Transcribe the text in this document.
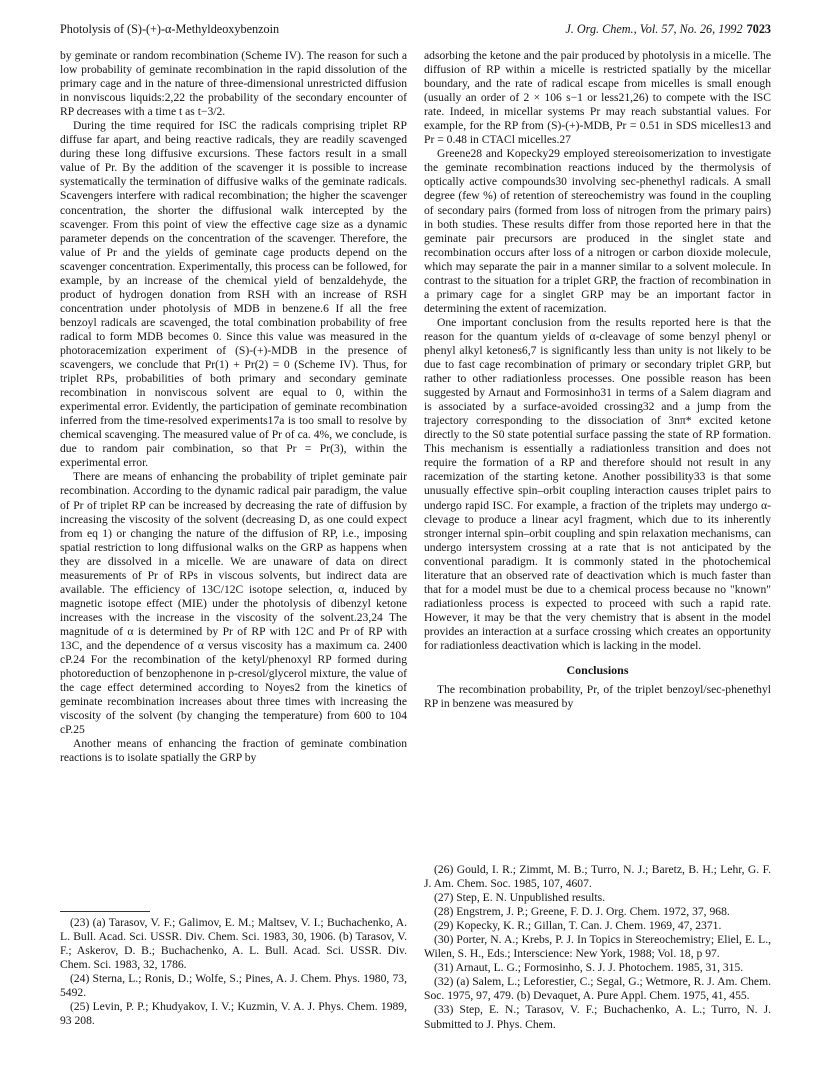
Photolysis of (S)-(+)-α-Methyldeoxybenzoin	J. Org. Chem., Vol. 57, No. 26, 1992 7023

by geminate or random recombination (Scheme IV). The reason for such a low probability of geminate recombination in the rapid dissolution of the primary cage and in the nature of three-dimensional unrestricted diffusion in nonviscous liquids:2,22 the probability of the secondary encounter of RP decreases with a time t as t−3/2.

During the time required for ISC the radicals comprising triplet RP diffuse far apart, and being reactive radicals, they are readily scavenged during these long diffusive excursions. These factors result in a small value of Pr. By the addition of the scavenger it is possible to increase systematically the termination of diffusive walks of the geminate radicals. Scavengers interfere with radical recombination; the higher the scavenger concentration, the shorter the diffusional walk intercepted by the scavenger. From this point of view the effective cage size as a dynamic parameter depends on the concentration of the scavenger. Therefore, the value of Pr and the yields of geminate cage products depend on the scavenger concentration. Experimentally, this process can be followed, for example, by an increase of the chemical yield of benzaldehyde, the product of hydrogen donation from RSH with an increase of RSH concentration under photolysis of MDB in benzene.6 If all the free benzoyl radicals are scavenged, the total combination probability of free radical to form MDB becomes 0. Since this value was measured in the photoracemization experiment of (S)-(+)-MDB in the presence of scavengers, we conclude that Pr(1) + Pr(2) = 0 (Scheme IV). Thus, for triplet RPs, probabilities of both primary and secondary geminate recombination in nonviscous solvent are equal to 0, within the experimental error. Evidently, the participation of geminate recombination inferred from the time-resolved experiments17a is too small to resolve by chemical scavenging. The measured value of Pr of ca. 4%, we conclude, is due to random pair combination, so that Pr = Pr(3), within the experimental error.

There are means of enhancing the probability of triplet geminate pair recombination. According to the dynamic radical pair paradigm, the value of Pr of triplet RP can be increased by decreasing the rate of diffusion by increasing the viscosity of the solvent (decreasing D, as one could expect from eq 1) or changing the nature of the diffusion of RP, i.e., imposing spatial restriction to long diffusional walks on the GRP as happens when they are dissolved in a micelle. We are unaware of data on direct measurements of Pr of RPs in viscous solvents, but indirect data are available. The efficiency of 13C/12C isotope selection, α, induced by magnetic isotope effect (MIE) under the photolysis of dibenzyl ketone increases with the increase in the viscosity of the solvent.23,24 The magnitude of α is determined by Pr of RP with 12C and Pr of RP with 13C, and the dependence of α versus viscosity has a maximum ca. 2400 cP.24 For the recombination of the ketyl/phenoxyl RP formed during photoreduction of benzophenone in p-cresol/glycerol mixture, the value of the cage effect determined according to Noyes2 from the kinetics of geminate recombination increases about three times with increasing the viscosity of the solvent (by changing the temperature) from 600 to 104 cP.25

Another means of enhancing the fraction of geminate combination reactions is to isolate spatially the GRP by

(23) (a) Tarasov, V. F.; Galimov, E. M.; Maltsev, V. I.; Buchachenko, A. L. Bull. Acad. Sci. USSR. Div. Chem. Sci. 1983, 30, 1906. (b) Tarasov, V. F.; Askerov, D. B.; Buchachenko, A. L. Bull. Acad. Sci. USSR. Div. Chem. Sci. 1983, 32, 1786.

(24) Sterna, L.; Ronis, D.; Wolfe, S.; Pines, A. J. Chem. Phys. 1980, 73, 5492.

(25) Levin, P. P.; Khudyakov, I. V.; Kuzmin, V. A. J. Phys. Chem. 1989, 93 208.

adsorbing the ketone and the pair produced by photolysis in a micelle. The diffusion of RP within a micelle is restricted spatially by the micellar boundary, and the rate of radical escape from micelles is small enough (usually an order of 2 × 106 s−1 or less21,26) to compete with the ISC rate. Indeed, in micellar systems Pr may reach substantial values. For example, for the RP from (S)-(+)-MDB, Pr = 0.51 in SDS micelles13 and Pr = 0.48 in CTACl micelles.27

Greene28 and Kopecky29 employed stereoisomerization to investigate the geminate recombination reactions induced by the thermolysis of optically active compounds30 involving sec-phenethyl radicals. A small degree (few %) of retention of stereochemistry was found in the coupling of secondary pairs (formed from loss of nitrogen from the primary pairs) in both studies. These results differ from those reported here in that the geminate pair precursors are produced in the singlet state and recombination occurs after loss of a nitrogen or carbon dioxide molecule, which may separate the pair in a manner similar to a solvent molecule. In contrast to the situation for a triplet GRP, the fraction of recombination in a primary cage for a singlet GRP may be an important factor in determining the extent of racemization.

One important conclusion from the results reported here is that the reason for the quantum yields of α-cleavage of some benzyl phenyl or phenyl alkyl ketones6,7 is significantly less than unity is not likely to be due to fast cage recombination of primary or secondary triplet GRP, but rather to other radiationless processes. One possible reason has been suggested by Arnaut and Formosinho31 in terms of a Salem diagram and is associated by a surface-avoided crossing32 and a jump from the trajectory corresponding to the dissociation of 3nπ* excited ketone directly to the S0 state potential surface passing the state of RP formation. This mechanism is essentially a radiationless transition and does not require the formation of a RP and therefore should not result in any racemization of the starting ketone. Another possibility33 is that some unusually effective spin–orbit coupling interaction causes triplet pairs to undergo rapid ISC. For example, a fraction of the triplets may undergo α-clevage to produce a linear acyl fragment, which due to its inherently stronger internal spin–orbit coupling and spin relaxation mechanisms, can undergo intersystem crossing at a rate that is not anticipated by the conventional paradigm. It is commonly stated in the photochemical literature that an observed rate of deactivation which is much faster than that for a model must be due to a chemical process because no "known" radiationless process is expected to proceed with such a rapid rate. However, it may be that the very chemistry that is absent in the model provides an interaction at a surface crossing which creates an opportunity for radiationless deactivation which is lacking in the model.

Conclusions

The recombination probability, Pr, of the triplet benzoyl/sec-phenethyl RP in benzene was measured by

(26) Gould, I. R.; Zimmt, M. B.; Turro, N. J.; Baretz, B. H.; Lehr, G. F. J. Am. Chem. Soc. 1985, 107, 4607.

(27) Step, E. N. Unpublished results.

(28) Engstrem, J. P.; Greene, F. D. J. Org. Chem. 1972, 37, 968.

(29) Kopecky, K. R.; Gillan, T. Can. J. Chem. 1969, 47, 2371.

(30) Porter, N. A.; Krebs, P. J. In Topics in Stereochemistry; Eliel, E. L., Wilen, S. H., Eds.; Interscience: New York, 1988; Vol. 18, p 97.

(31) Arnaut, L. G.; Formosinho, S. J. J. Photochem. 1985, 31, 315.

(32) (a) Salem, L.; Leforestier, C.; Segal, G.; Wetmore, R. J. Am. Chem. Soc. 1975, 97, 479. (b) Devaquet, A. Pure Appl. Chem. 1975, 41, 455.

(33) Step, E. N.; Tarasov, V. F.; Buchachenko, A. L.; Turro, N. J. Submitted to J. Phys. Chem.
